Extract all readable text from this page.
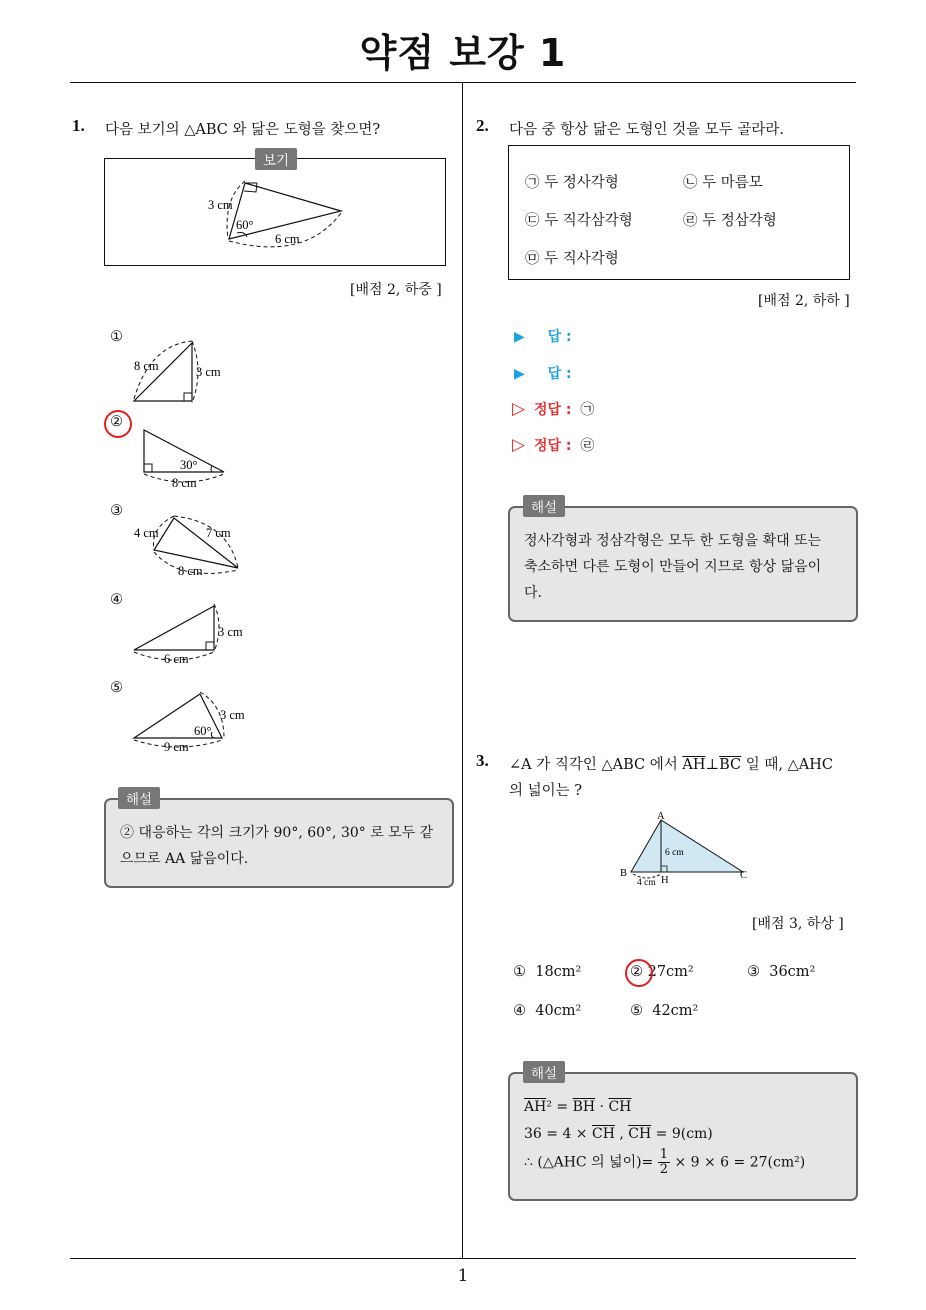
약점 보강 1
1. 다음 보기의 △ABC 와 닮은 도형을 찾으면?
3 cm
60°
6 cm
보기
[배점 2, 하중 ]
①
8 cm	3 cm
②
30°
8 cm
③
4 cm	7 cm
8 cm
④
3 cm
6 cm
⑤
3 cm
60°
9 cm
② 대응하는 각의 크기가 90°, 60°, 30° 로 모두 같
으므로 AA 닮음이다.
해설
2. 다음 중 항상 닮은 도형인 것을 모두 골라라.
㉠ 두 정사각형	㉡ 두 마름모
㉢ 두 직각삼각형	㉣ 두 정삼각형
㉤ 두 직사각형
[배점 2, 하하 ]
▶ 답 :
▶ 답 :
▷ 정답 : ㉠
▷ 정답 : ㉣
정사각형과 정삼각형은 모두 한 도형을 확대 또는
축소하면 다른 도형이 만들어 지므로 항상 닮음이
다.
해설
3. ∠A 가 직각인 △ABC 에서 $\overline{AH}\perp\overline{BC}$ 일 때, △AHC
의 넓이는 ?
A
B	C
H
6 cm
4 cm
[배점 3, 하상 ]
① 18cm²	② 27cm²	③ 36cm²
④ 40cm²	⑤ 42cm²
$\overline{AH}^2 = \overline{BH} \cdot \overline{CH}$
$36 = 4 \times \overline{CH}$ , $\overline{CH} = 9(cm)$
∴ (△AHC 의 넓이)= $\frac{1}{2} \times 9 \times 6 = 27(cm^2)$
해설
1
